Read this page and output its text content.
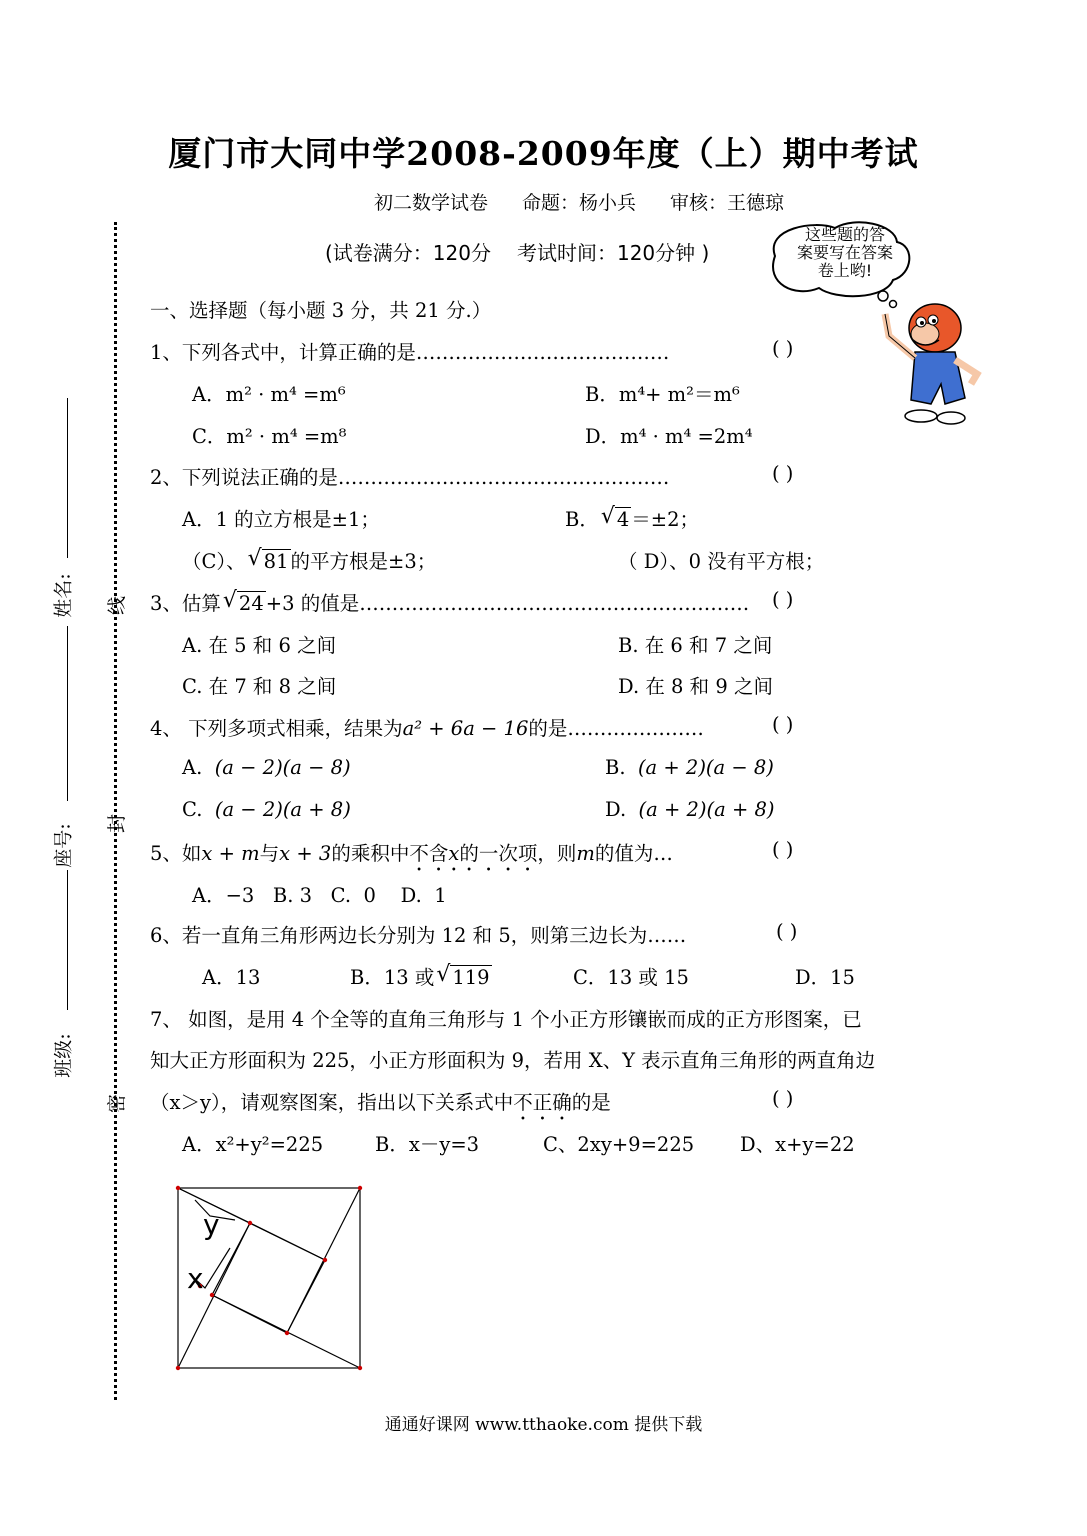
厦门市大同中学2008-2009年度（上）期中考试
初二数学试卷 命题：杨小兵 审核：王德琼
(试卷满分：120分 考试时间：120分钟 )
这些题的答
案要写在答案
卷上哟!
姓名:
座号:
班级:
线
封
密
一、选择题（每小题 3 分，共 21 分.）
1、下列各式中，计算正确的是…………………………………	( )
A．m² · m⁴ =m⁶	B．m⁴+ m²＝m⁶
C．m² · m⁴ =m⁸	D．m⁴ · m⁴ =2m⁴
2、下列说法正确的是……………………………………………	( )
A．1 的立方根是±1；	B． √ 4 ＝±2；
（C）、 √ 81 的平方根是±3；	（ D）、0 没有平方根；
3、估算 √ 24 +3 的值是…………………………………………………… ( )
A. 在 5 和 6 之间	B. 在 6 和 7 之间
C. 在 7 和 8 之间	D. 在 8 和 9 之间
4、 下列多项式相乘，结果为a² + 6a − 16的是…………………	( )
A. (a − 2)(a − 8)	B. (a + 2)(a − 8)
C. (a − 2)(a + 8)	D. (a + 2)(a + 8)
5、如x + m与x + 3的乘积中不含x的一次项，则m的值为…	( )
A．−3   B. 3   C.  0    D.  1
6、若一直角三角形两边长分别为 12 和 5，则第三边长为……	( )
A．13	B．13 或 √ 119	C．13 或 15	D．15
7、 如图，是用 4 个全等的直角三角形与 1 个小正方形镶嵌而成的正方形图案，已
知大正方形面积为 225，小正方形面积为 9，若用 X、Y 表示直角三角形的两直角边
（x＞y），请观察图案，指出以下关系式中不正确的是	( )
A．x²+y²=225	B．x－y=3	C、2xy+9=225 D、x+y=22
y
x
通通好课网 www.tthaoke.com 提供下载
